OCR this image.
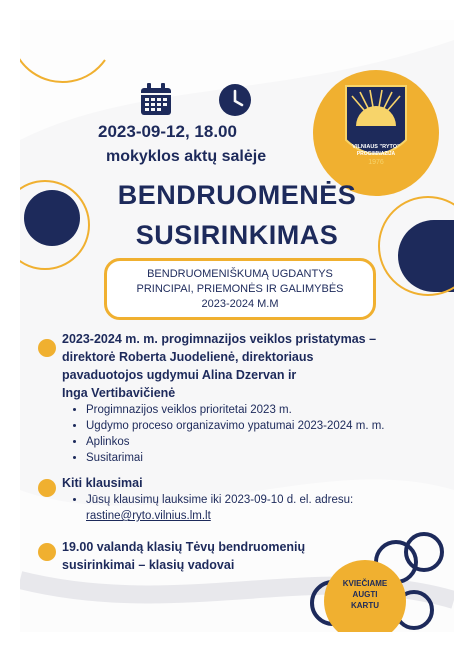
VILNIAUS "RYTO"
PROGIMNAZIJA
1976
2023-09-12, 18.00
mokyklos aktų salėje
BENDRUOMENĖS
SUSIRINKIMAS
BENDRUOMENIŠKUMĄ UGDANTYS
PRINCIPAI, PRIEMONĖS IR GALIMYBĖS
2023-2024 M.M
2023-2024 m. m. progimnazijos veiklos pristatymas –
direktorė Roberta Juodelienė, direktoriaus
pavaduotojos ugdymui Alina Dzervan ir
Inga Vertibavičienė
• Progimnazijos veiklos prioritetai 2023 m.
• Ugdymo proceso organizavimo ypatumai 2023-2024 m. m.
• Aplinkos
• Susitarimai
Kiti klausimai
• Jūsų klausimų lauksime iki 2023-09-10 d. el. adresu:
rastine@ryto.vilnius.lm.lt
19.00 valandą klasių Tėvų bendruomenių
susirinkimai – klasių vadovai
KVIEČIAME
AUGTI
KARTU
